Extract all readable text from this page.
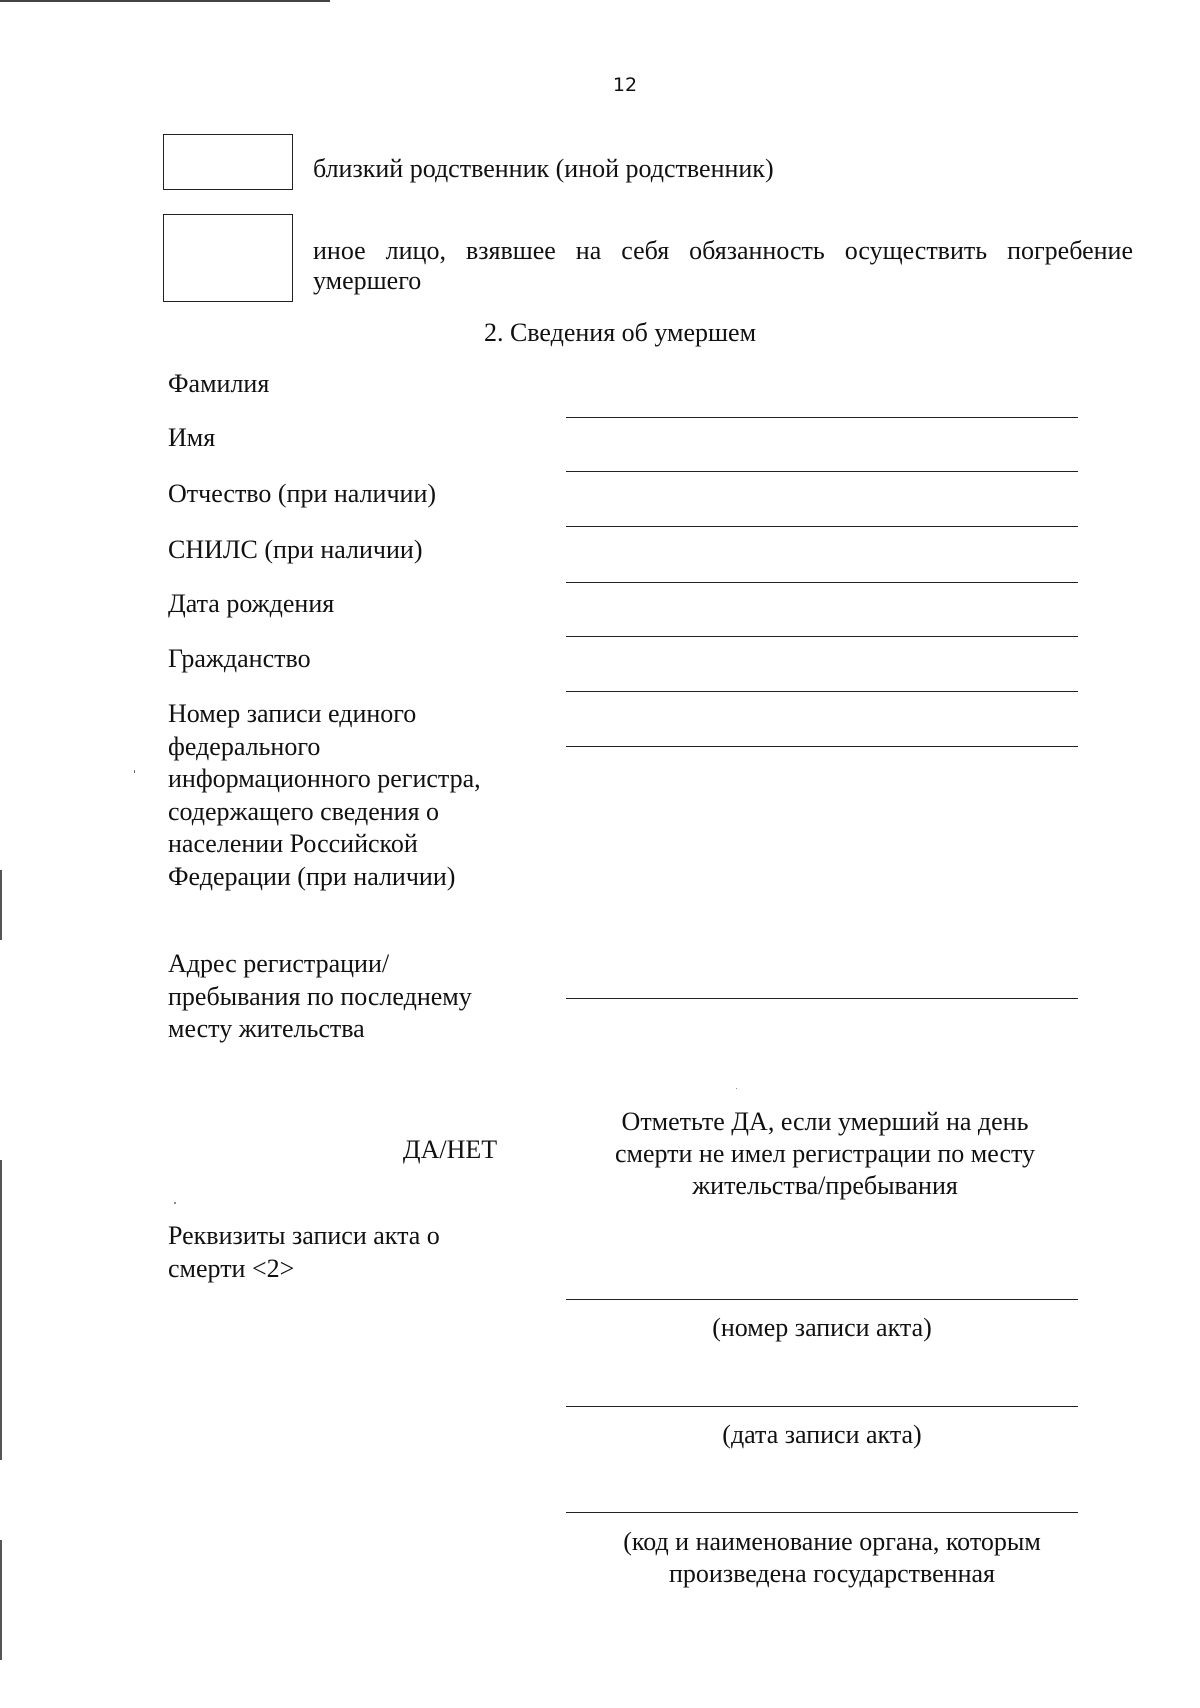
12
близкий родственник (иной родственник)
иное лицо, взявшее на себя обязанность осуществить погребение умершего
2. Сведения об умершем
Фамилия
Имя
Отчество (при наличии)
СНИЛС (при наличии)
Дата рождения
Гражданство
Номер записи единого федерального информационного регистра, содержащего сведения о населении Российской Федерации (при наличии)
Адрес регистрации/пребывания по последнему месту жительства
ДА/НЕТ
Отметьте ДА, если умерший на день смерти не имел регистрации по месту жительства/пребывания
Реквизиты записи акта о смерти <2>
(номер записи акта)
(дата записи акта)
(код и наименование органа, которым произведена государственная
